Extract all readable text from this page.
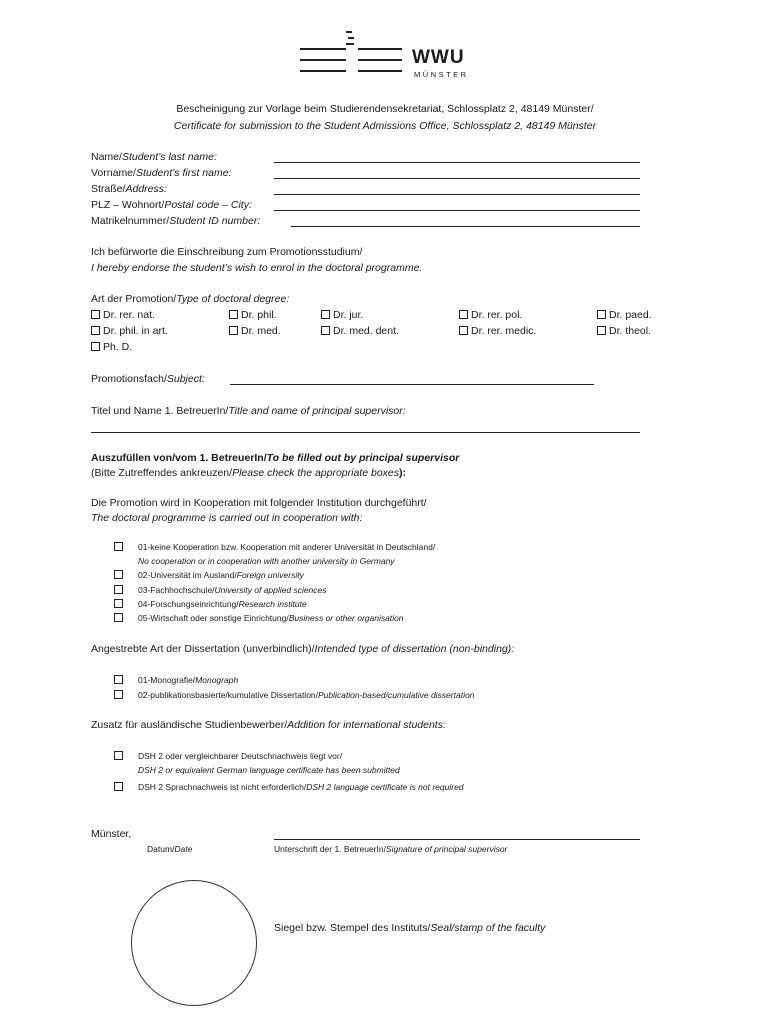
WWU
MÜNSTER
Bescheinigung zur Vorlage beim Studierendensekretariat, Schlossplatz 2, 48149 Münster/
Certificate for submission to the Student Admissions Office, Schlossplatz 2, 48149 Münster
Name/Student’s last name:
Vorname/Student’s first name:
Straße/Address:
PLZ – Wohnort/Postal code – City:
Matrikelnummer/Student ID number:
Ich befürworte die Einschreibung zum Promotionsstudium/
I hereby endorse the student’s wish to enrol in the doctoral programme.
Art der Promotion/Type of doctoral degree:
Dr. rer. nat.	Dr. phil.	Dr. jur.	Dr. rer. pol.	Dr. paed.
Dr. phil. in art.	Dr. med.	Dr. med. dent.	Dr. rer. medic.	Dr. theol.
Ph. D.
Promotionsfach/Subject:
Titel und Name 1. BetreuerIn/Title and name of principal supervisor:
Auszufüllen von/vom 1. BetreuerIn/To be filled out by principal supervisor
(Bitte Zutreffendes ankreuzen/Please check the appropriate boxes):
Die Promotion wird in Kooperation mit folgender Institution durchgeführt/
The doctoral programme is carried out in cooperation with:
01-keine Kooperation bzw. Kooperation mit anderer Universität in Deutschland/
No cooperation or in cooperation with another university in Germany
02-Universität im Ausland/Foreign university
03-Fachhochschule/University of applied sciences
04-Forschungseinrichtung/Research institute
05-Wirtschaft oder sonstige Einrichtung/Business or other organisation
Angestrebte Art der Dissertation (unverbindlich)/Intended type of dissertation (non-binding):
01-Monografie/Monograph
02-publikationsbasierte/kumulative Dissertation/Publication-based/cumulative dissertation
Zusatz für ausländische Studienbewerber/Addition for international students:
DSH 2 oder vergleichbarer Deutschnachweis liegt vor/
DSH 2 or equivalent German language certificate has been submitted
DSH 2 Sprachnachweis ist nicht erforderlich/DSH 2 language certificate is not required
Münster,
Datum/Date	Unterschrift der 1. BetreuerIn/Signature of principal supervisor
Siegel bzw. Stempel des Instituts/Seal/stamp of the faculty
